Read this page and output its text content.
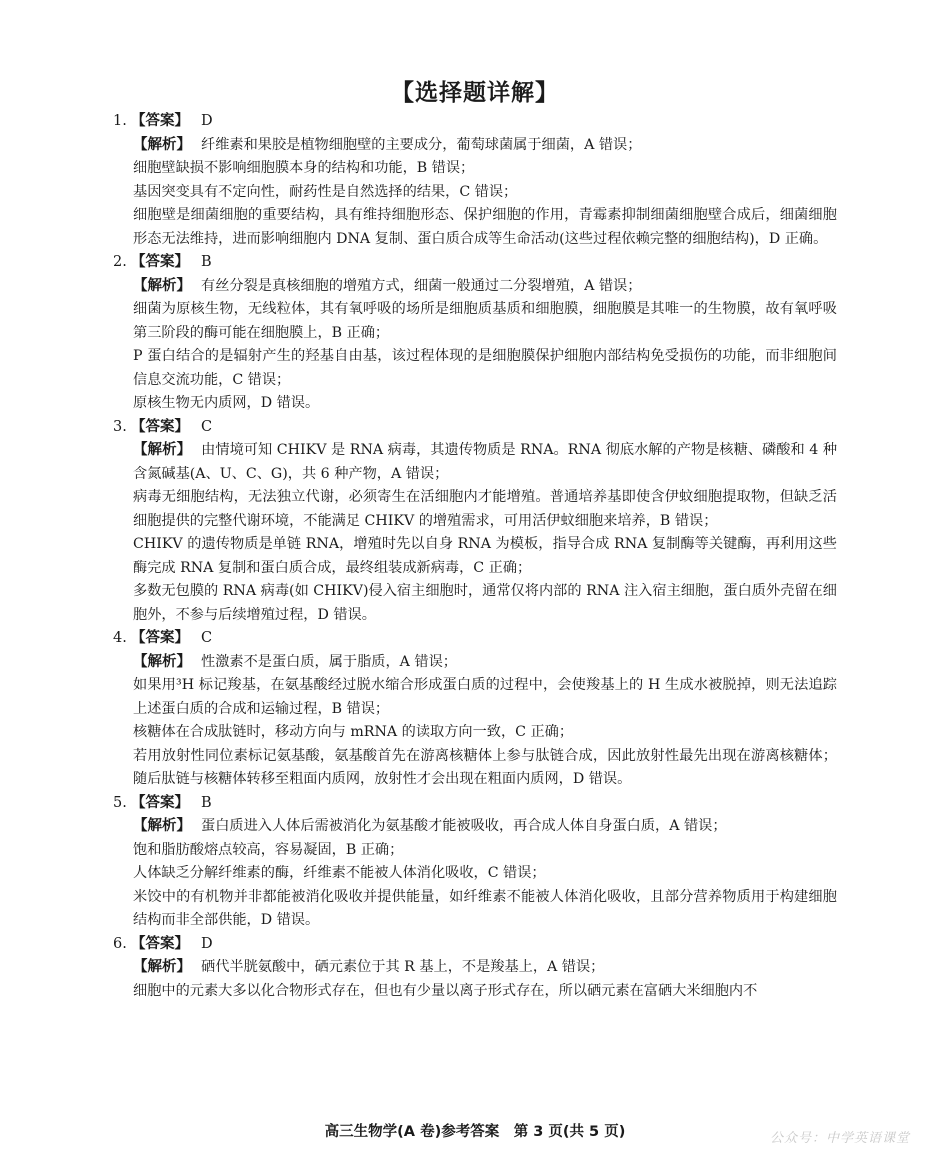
【选择题详解】
1. 【答案】 D

【解析】 纤维素和果胶是植物细胞壁的主要成分，葡萄球菌属于细菌，A 错误；

细胞壁缺损不影响细胞膜本身的结构和功能，B 错误；

基因突变具有不定向性，耐药性是自然选择的结果，C 错误；

细胞壁是细菌细胞的重要结构，具有维持细胞形态、保护细胞的作用，青霉素抑制细菌细胞壁合成后，细菌细胞形态无法维持，进而影响细胞内 DNA 复制、蛋白质合成等生命活动(这些过程依赖完整的细胞结构)，D 正确。

2. 【答案】 B

【解析】 有丝分裂是真核细胞的增殖方式，细菌一般通过二分裂增殖，A 错误；

细菌为原核生物，无线粒体，其有氧呼吸的场所是细胞质基质和细胞膜，细胞膜是其唯一的生物膜，故有氧呼吸第三阶段的酶可能在细胞膜上，B 正确；

P 蛋白结合的是辐射产生的羟基自由基，该过程体现的是细胞膜保护细胞内部结构免受损伤的功能，而非细胞间信息交流功能，C 错误；

原核生物无内质网，D 错误。

3. 【答案】 C

【解析】 由情境可知 CHIKV 是 RNA 病毒，其遗传物质是 RNA。RNA 彻底水解的产物是核糖、磷酸和 4 种含氮碱基(A、U、C、G)，共 6 种产物，A 错误；

病毒无细胞结构，无法独立代谢，必须寄生在活细胞内才能增殖。普通培养基即使含伊蚊细胞提取物，但缺乏活细胞提供的完整代谢环境，不能满足 CHIKV 的增殖需求，可用活伊蚊细胞来培养，B 错误；

CHIKV 的遗传物质是单链 RNA，增殖时先以自身 RNA 为模板，指导合成 RNA 复制酶等关键酶，再利用这些酶完成 RNA 复制和蛋白质合成，最终组装成新病毒，C 正确；

多数无包膜的 RNA 病毒(如 CHIKV)侵入宿主细胞时，通常仅将内部的 RNA 注入宿主细胞，蛋白质外壳留在细胞外，不参与后续增殖过程，D 错误。

4. 【答案】 C

【解析】 性激素不是蛋白质，属于脂质，A 错误；

如果用³H 标记羧基，在氨基酸经过脱水缩合形成蛋白质的过程中，会使羧基上的 H 生成水被脱掉，则无法追踪上述蛋白质的合成和运输过程，B 错误；

核糖体在合成肽链时，移动方向与 mRNA 的读取方向一致，C 正确；

若用放射性同位素标记氨基酸，氨基酸首先在游离核糖体上参与肽链合成，因此放射性最先出现在游离核糖体；随后肽链与核糖体转移至粗面内质网，放射性才会出现在粗面内质网，D 错误。

5. 【答案】 B

【解析】 蛋白质进入人体后需被消化为氨基酸才能被吸收，再合成人体自身蛋白质，A 错误；

饱和脂肪酸熔点较高，容易凝固，B 正确；

人体缺乏分解纤维素的酶，纤维素不能被人体消化吸收，C 错误；

米饺中的有机物并非都能被消化吸收并提供能量，如纤维素不能被人体消化吸收，且部分营养物质用于构建细胞结构而非全部供能，D 错误。

6. 【答案】 D

【解析】 硒代半胱氨酸中，硒元素位于其 R 基上，不是羧基上，A 错误；

细胞中的元素大多以化合物形式存在，但也有少量以离子形式存在，所以硒元素在富硒大米细胞内不

高三生物学(A 卷)参考答案　第 3 页(共 5 页)	公众号：中学英语课堂
